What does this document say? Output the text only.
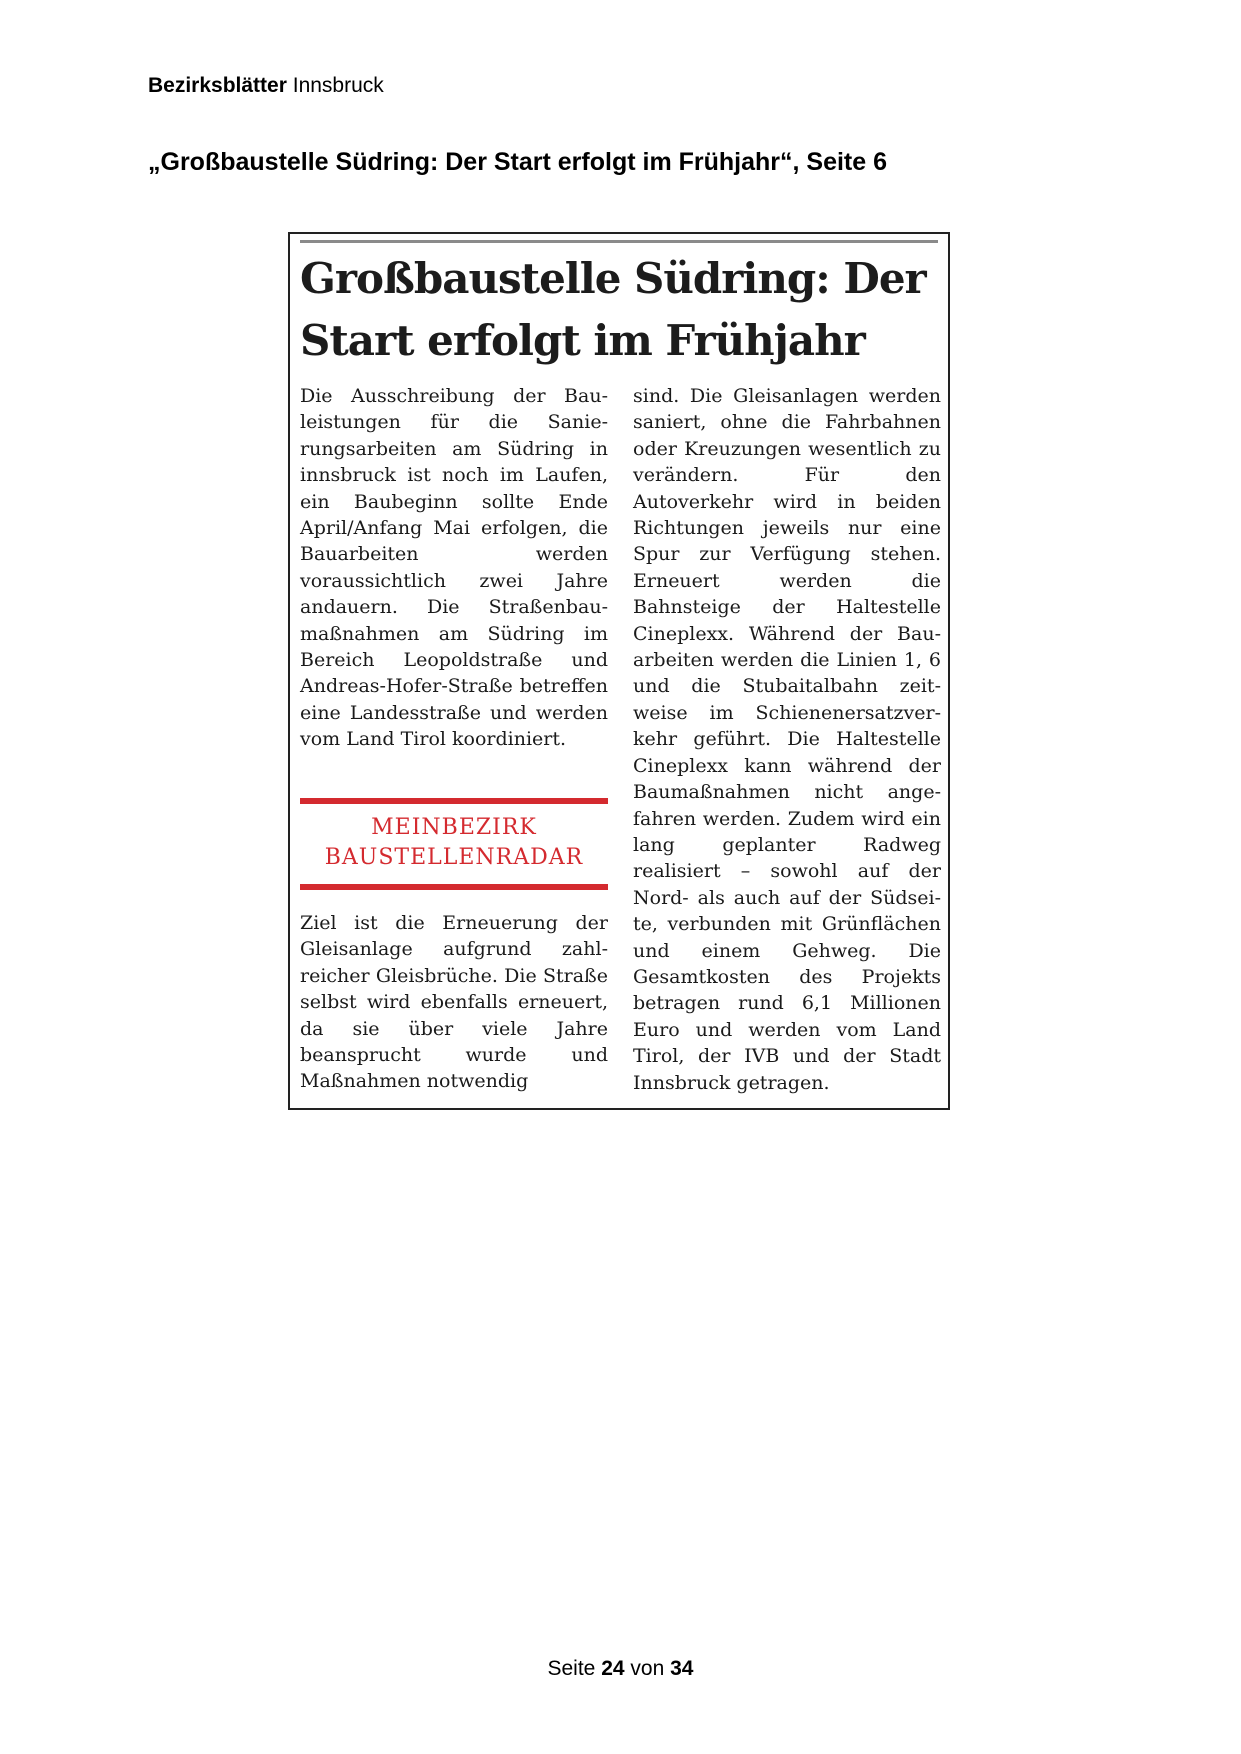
Bezirksblätter Innsbruck
„Großbaustelle Südring: Der Start erfolgt im Frühjahr“, Seite 6
Großbaustelle Südring: Der Start erfolgt im Frühjahr
Die Ausschreibung der Bauleistungen für die Sanierungsarbeiten am Südring in innsbruck ist noch im Laufen, ein Baubeginn sollte Ende April/Anfang Mai erfolgen, die Bauarbeiten werden voraussichtlich zwei Jahre andauern. Die Straßenbaumaßnahmen am Südring im Bereich Leopoldstraße und Andreas-Hofer-Straße betreffen eine Landesstraße und werden vom Land Tirol koordiniert.
MEINBEZIRK
BAUSTELLENRADAR
Ziel ist die Erneuerung der Gleisanlage aufgrund zahlreicher Gleisbrüche. Die Straße selbst wird ebenfalls erneuert, da sie über viele Jahre beansprucht wurde und Maßnahmen notwendig
sind. Die Gleisanlagen werden saniert, ohne die Fahrbahnen oder Kreuzungen wesentlich zu verändern. Für den Autoverkehr wird in beiden Richtungen jeweils nur eine Spur zur Verfügung stehen. Erneuert werden die Bahnsteige der Haltestelle Cineplexx. Während der Bauarbeiten werden die Linien 1, 6 und die Stubaitalbahn zeitweise im Schienenersatzverkehr geführt. Die Haltestelle Cineplexx kann während der Baumaßnahmen nicht angefahren werden. Zudem wird ein lang geplanter Radweg realisiert – sowohl auf der Nord- als auch auf der Südseite, verbunden mit Grünflächen und einem Gehweg. Die Gesamtkosten des Projekts betragen rund 6,1 Millionen Euro und werden vom Land Tirol, der IVB und der Stadt Innsbruck getragen.
Seite 24 von 34
